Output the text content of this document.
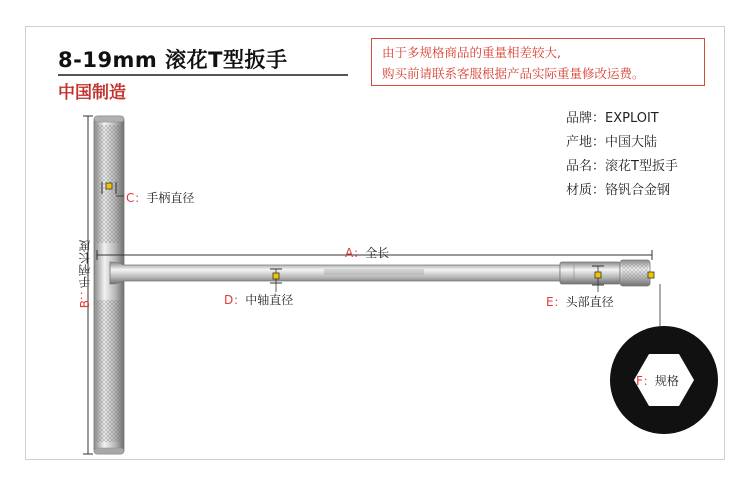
8-19mm 滚花T型扳手
中国制造
由于多规格商品的重量相差较大,
购买前请联系客服根据产品实际重量修改运费。
品牌：EXPLOIT
产地：中国大陆
品名：滚花T型扳手
材质：铬钒合金钢
A：全长
B：手柄长度
C：手柄直径
D：中轴直径	E：头部直径
F：规格
